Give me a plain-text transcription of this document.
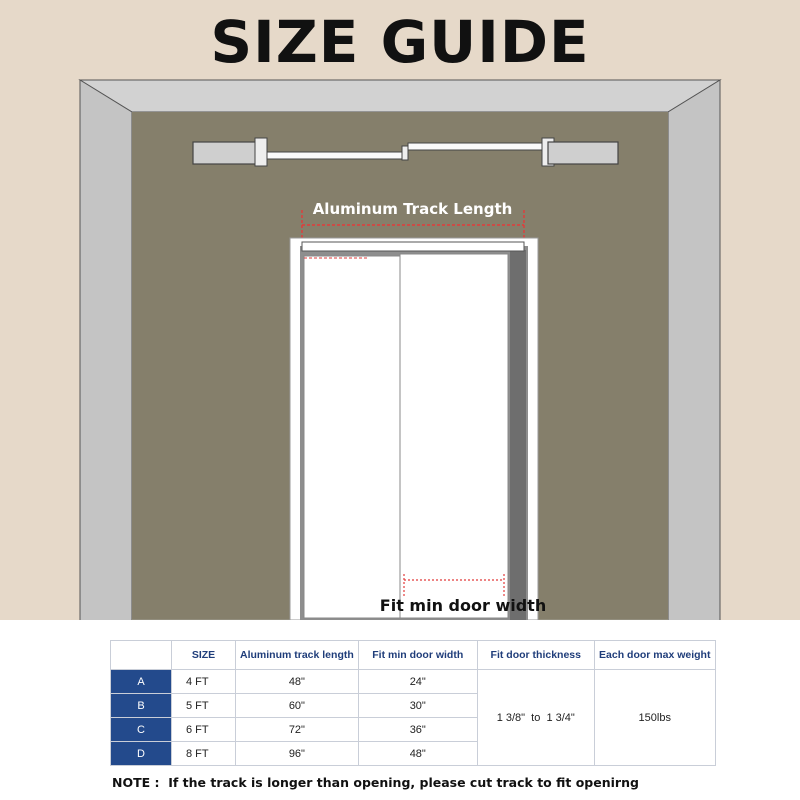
SIZE GUIDE
Aluminum Track Length
Fit min door width
	SIZE	Aluminum track length	Fit min door width	Fit door thickness	Each door max weight
A	4 FT	48"	24"	1 3/8"  to  1 3/4"	150lbs
B	5 FT	60"	30"		
C	6 FT	72"	36"		
D	8 FT	96"	48"		
NOTE :  If the track is longer than opening, please cut track to fit openirng
